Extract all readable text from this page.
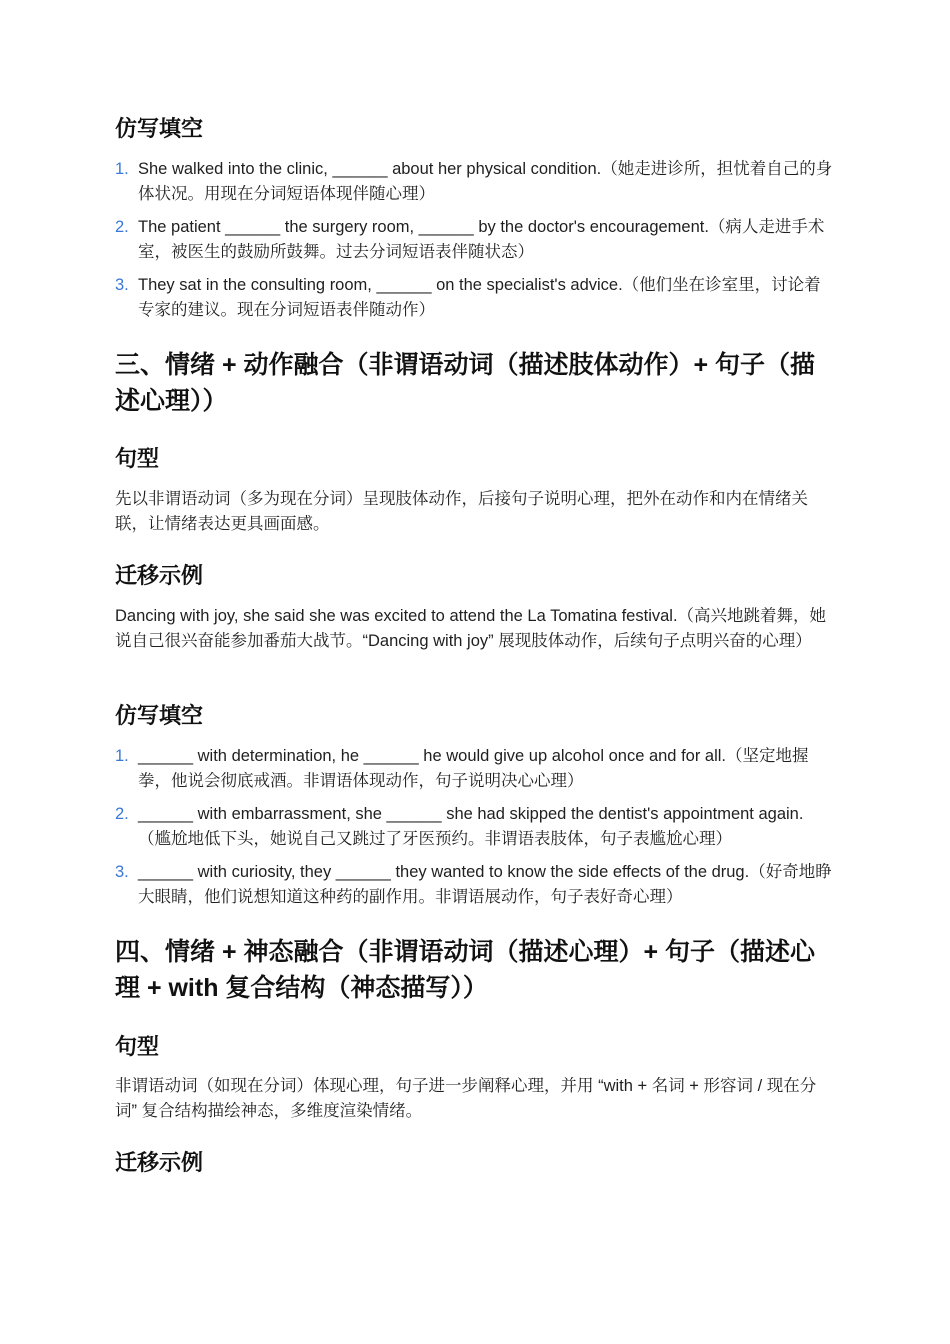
仿写填空
1. She walked into the clinic, ______ about her physical condition.（她走进诊所，担忧着自己的身体状况。用现在分词短语体现伴随心理）
2. The patient ______ the surgery room, ______ by the doctor's encouragement.（病人走进手术室，被医生的鼓励所鼓舞。过去分词短语表伴随状态）
3. They sat in the consulting room, ______ on the specialist's advice.（他们坐在诊室里，讨论着专家的建议。现在分词短语表伴随动作）
三、情绪 + 动作融合（非谓语动词（描述肢体动作）+ 句子（描述心理））
句型

先以非谓语动词（多为现在分词）呈现肢体动作，后接句子说明心理，把外在动作和内在情绪关联，让情绪表达更具画面感。

迁移示例

Dancing with joy, she said she was excited to attend the La Tomatina festival.（高兴地跳着舞，她说自己很兴奋能参加番茄大战节。“Dancing with joy” 展现肢体动作，后续句子点明兴奋的心理）

仿写填空
1. ______ with determination, he ______ he would give up alcohol once and for all.（坚定地握拳，他说会彻底戒酒。非谓语体现动作，句子说明决心心理）
2. ______ with embarrassment, she ______ she had skipped the dentist's appointment again.（尴尬地低下头，她说自己又跳过了牙医预约。非谓语表肢体，句子表尴尬心理）
3. ______ with curiosity, they ______ they wanted to know the side effects of the drug.（好奇地睁大眼睛，他们说想知道这种药的副作用。非谓语展动作，句子表好奇心理）
四、情绪 + 神态融合（非谓语动词（描述心理）+ 句子（描述心理 + with 复合结构（神态描写））
句型

非谓语动词（如现在分词）体现心理，句子进一步阐释心理，并用 “with + 名词 + 形容词 / 现在分词” 复合结构描绘神态，多维度渲染情绪。

迁移示例
